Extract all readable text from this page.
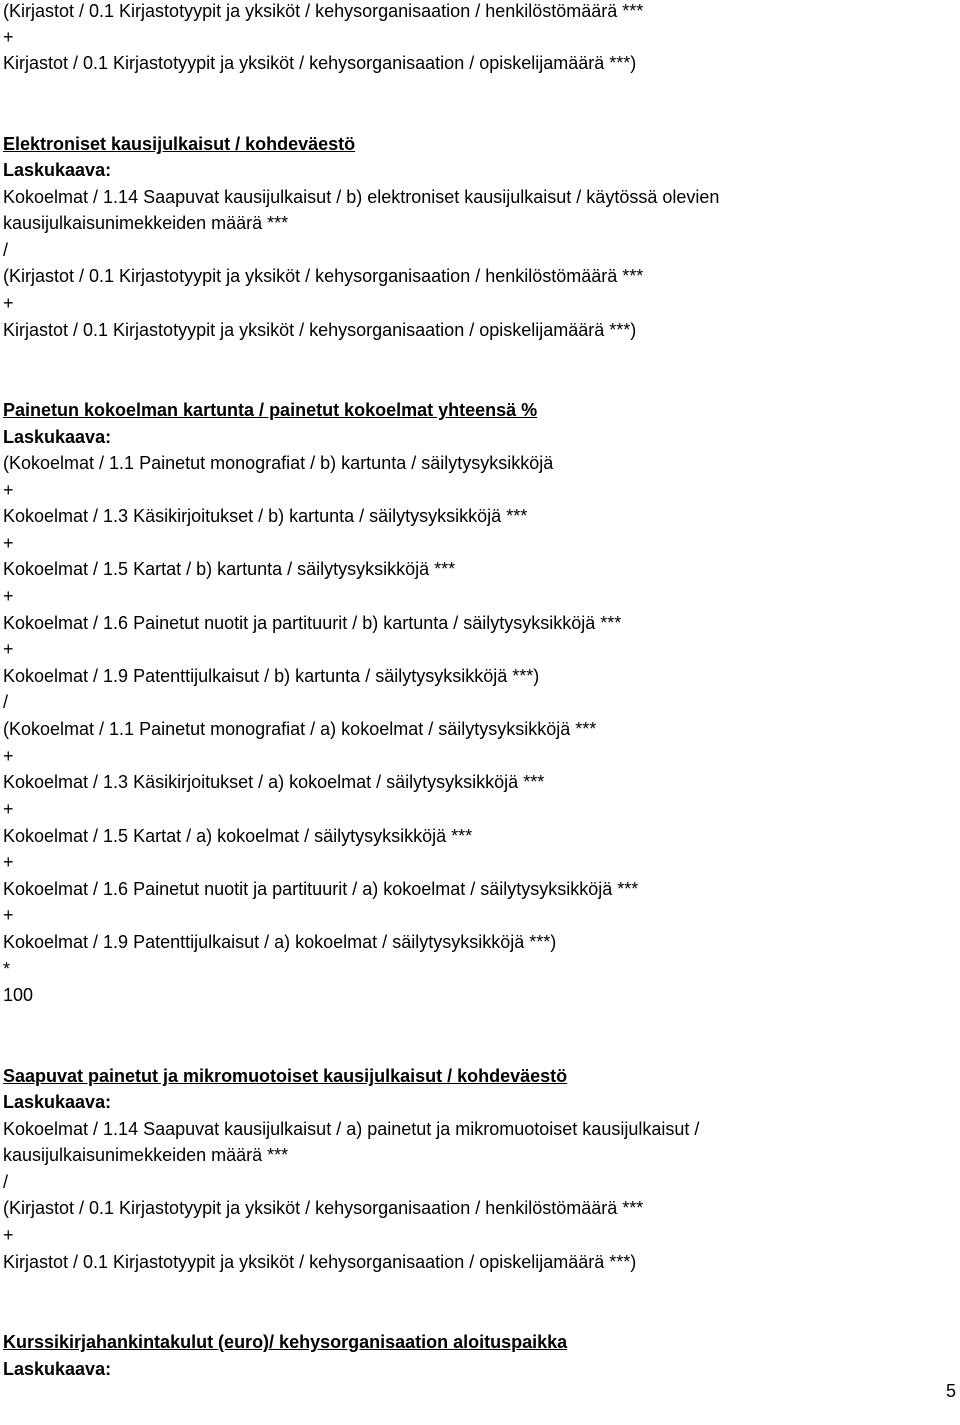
(Kirjastot / 0.1 Kirjastotyypit ja yksiköt / kehysorganisaation / henkilöstömäärä ***
+
Kirjastot / 0.1 Kirjastotyypit ja yksiköt / kehysorganisaation / opiskelijamäärä ***)
Elektroniset kausijulkaisut / kohdeväestö
Laskukaava:
Kokoelmat / 1.14 Saapuvat kausijulkaisut / b) elektroniset kausijulkaisut / käytössä olevien
kausijulkaisunimekkeiden määrä ***
/
(Kirjastot / 0.1 Kirjastotyypit ja yksiköt / kehysorganisaation / henkilöstömäärä ***
+
Kirjastot / 0.1 Kirjastotyypit ja yksiköt / kehysorganisaation / opiskelijamäärä ***)
Painetun kokoelman kartunta / painetut kokoelmat yhteensä %
Laskukaava:
(Kokoelmat / 1.1 Painetut monografiat / b) kartunta / säilytysyksikköjä
+
Kokoelmat / 1.3 Käsikirjoitukset / b) kartunta / säilytysyksikköjä ***
+
Kokoelmat / 1.5 Kartat / b) kartunta / säilytysyksikköjä ***
+
Kokoelmat / 1.6 Painetut nuotit ja partituurit / b) kartunta / säilytysyksikköjä ***
+
Kokoelmat / 1.9 Patenttijulkaisut / b) kartunta / säilytysyksikköjä ***)
/
(Kokoelmat / 1.1 Painetut monografiat / a) kokoelmat / säilytysyksikköjä ***
+
Kokoelmat / 1.3 Käsikirjoitukset / a) kokoelmat / säilytysyksikköjä ***
+
Kokoelmat / 1.5 Kartat / a) kokoelmat / säilytysyksikköjä ***
+
Kokoelmat / 1.6 Painetut nuotit ja partituurit / a) kokoelmat / säilytysyksikköjä ***
+
Kokoelmat / 1.9 Patenttijulkaisut / a) kokoelmat / säilytysyksikköjä ***)
*
100
Saapuvat painetut ja mikromuotoiset kausijulkaisut / kohdeväestö
Laskukaava:
Kokoelmat / 1.14 Saapuvat kausijulkaisut / a) painetut ja mikromuotoiset kausijulkaisut /
kausijulkaisunimekkeiden määrä ***
/
(Kirjastot / 0.1 Kirjastotyypit ja yksiköt / kehysorganisaation / henkilöstömäärä ***
+
Kirjastot / 0.1 Kirjastotyypit ja yksiköt / kehysorganisaation / opiskelijamäärä ***)
Kurssikirjahankintakulut (euro)/ kehysorganisaation aloituspaikka
Laskukaava:
5
